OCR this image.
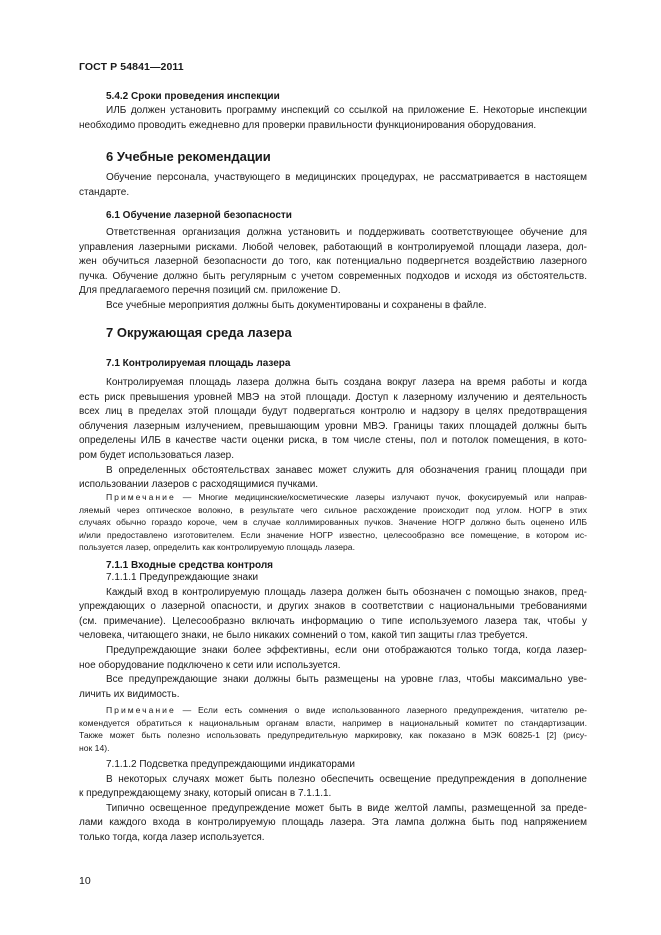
ГОСТ Р 54841—2011
5.4.2 Сроки проведения инспекции
ИЛБ должен установить программу инспекций со ссылкой на приложение Е. Некоторые инспекции
необходимо проводить ежедневно для проверки правильности функционирования оборудования.
6 Учебные рекомендации
Обучение персонала, участвующего в медицинских процедурах, не рассматривается в настоящем
стандарте.
6.1 Обучение лазерной безопасности
Ответственная организация должна установить и поддерживать соответствующее обучение для
управления лазерными рисками. Любой человек, работающий в контролируемой площади лазера, дол-
жен обучиться лазерной безопасности до того, как потенциально подвергнется воздействию лазерного
пучка. Обучение должно быть регулярным с учетом современных подходов и исходя из обстоятельств.
Для предлагаемого перечня позиций см. приложение D.
Все учебные мероприятия должны быть документированы и сохранены в файле.
7 Окружающая среда лазера
7.1 Контролируемая площадь лазера
Контролируемая площадь лазера должна быть создана вокруг лазера на время работы и когда
есть риск превышения уровней МВЭ на этой площади. Доступ к лазерному излучению и деятельность
всех лиц в пределах этой площади будут подвергаться контролю и надзору в целях предотвращения
облучения лазерным излучением, превышающим уровни МВЭ. Границы таких площадей должны быть
определены ИЛБ в качестве части оценки риска, в том числе стены, пол и потолок помещения, в кото-
ром будет использоваться лазер.
В определенных обстоятельствах занавес может служить для обозначения границ площади при
использовании лазеров с расходящимися пучками.
Примечание — Многие медицинские/косметические лазеры излучают пучок, фокусируемый или направ-
ляемый через оптическое волокно, в результате чего сильное расхождение происходит под углом. НОГР в этих
случаях обычно гораздо короче, чем в случае коллимированных пучков. Значение НОГР должно быть оценено ИЛБ
и/или предоставлено изготовителем. Если значение НОГР известно, целесообразно все помещение, в котором ис-
пользуется лазер, определить как контролируемую площадь лазера.
7.1.1 Входные средства контроля
7.1.1.1 Предупреждающие знаки
Каждый вход в контролируемую площадь лазера должен быть обозначен с помощью знаков, пред-
упреждающих о лазерной опасности, и других знаков в соответствии с национальными требованиями
(см. примечание). Целесообразно включать информацию о типе используемого лазера так, чтобы у
человека, читающего знаки, не было никаких сомнений о том, какой тип защиты глаз требуется.
Предупреждающие знаки более эффективны, если они отображаются только тогда, когда лазер-
ное оборудование подключено к сети или используется.
Все предупреждающие знаки должны быть размещены на уровне глаз, чтобы максимально уве-
личить их видимость.
Примечание — Если есть сомнения о виде использованного лазерного предупреждения, читателю ре-
комендуется обратиться к национальным органам власти, например в национальный комитет по стандартизации.
Также может быть полезно использовать предупредительную маркировку, как показано в МЭК 60825-1 [2] (рису-
нок 14).
7.1.1.2 Подсветка предупреждающими индикаторами
В некоторых случаях может быть полезно обеспечить освещение предупреждения в дополнение
к предупреждающему знаку, который описан в 7.1.1.1.
Типично освещенное предупреждение может быть в виде желтой лампы, размещенной за преде-
лами каждого входа в контролируемую площадь лазера. Эта лампа должна быть под напряжением
только тогда, когда лазер используется.
10
